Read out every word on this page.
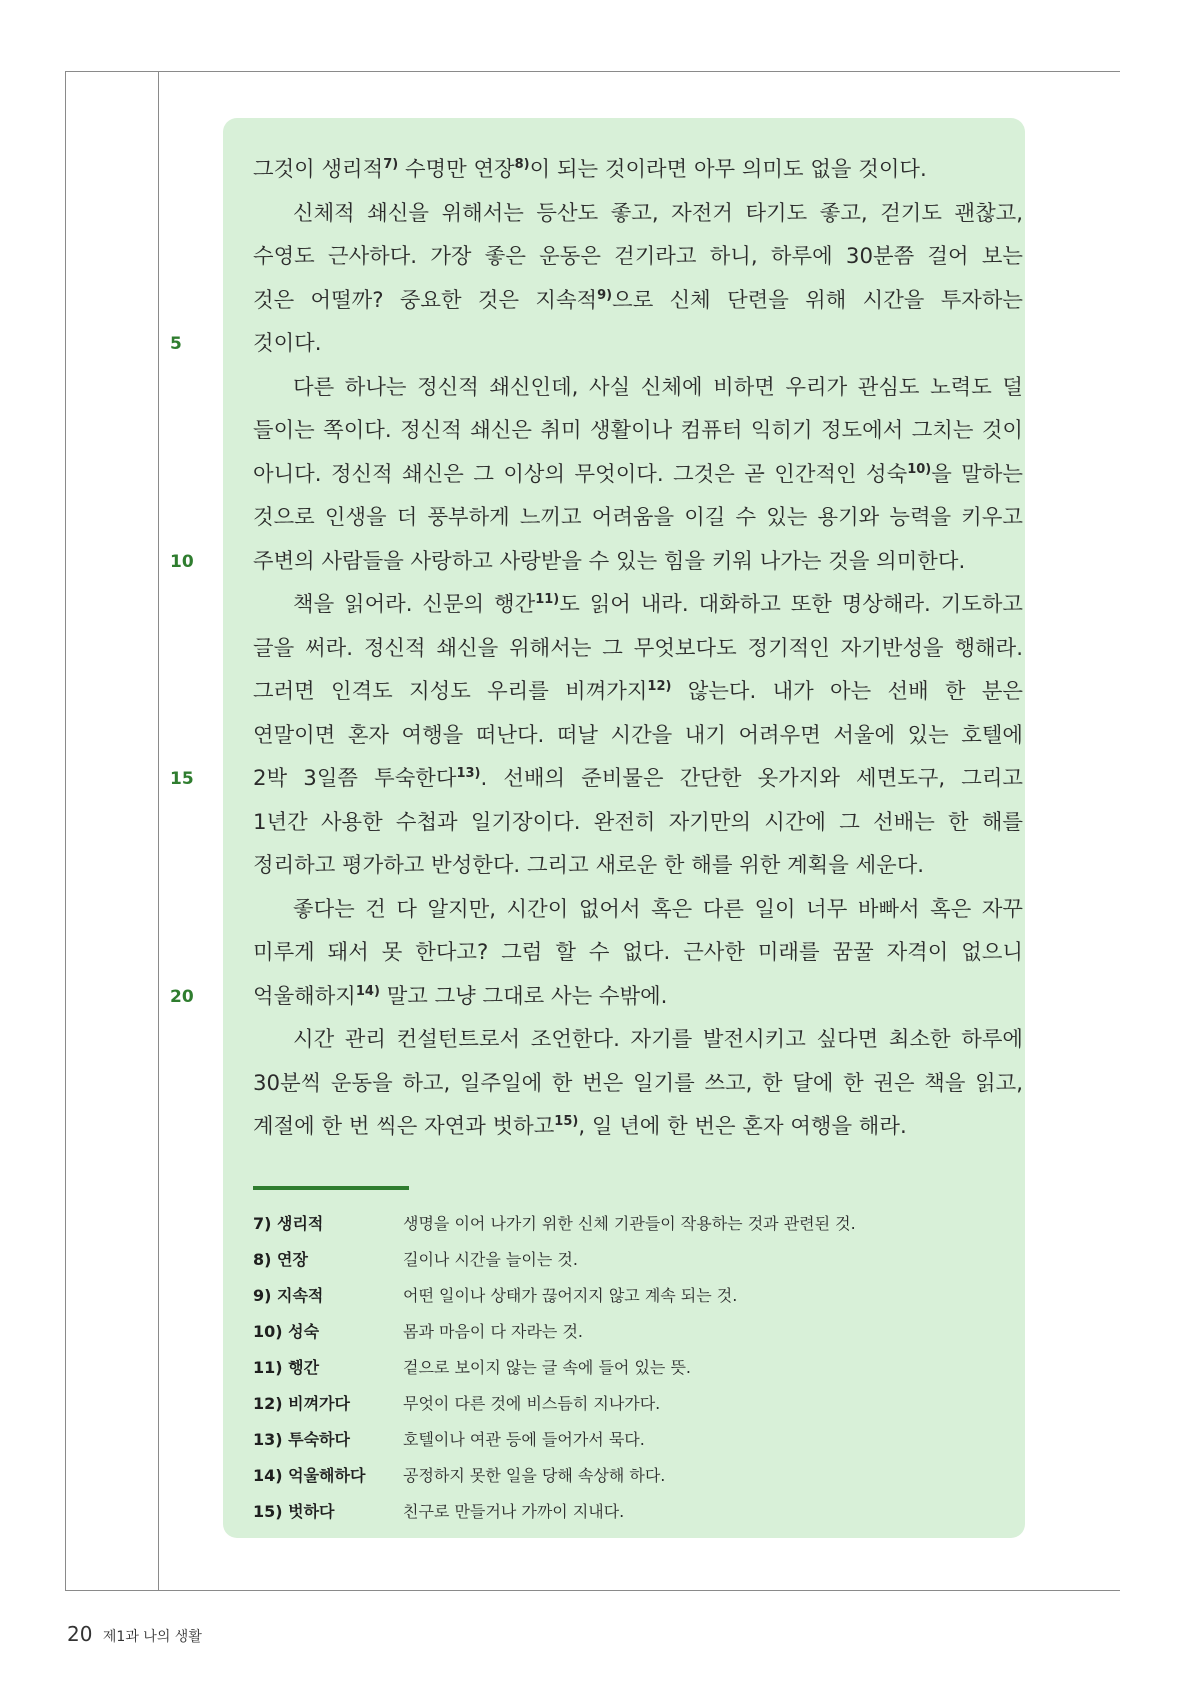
그것이 생리적$^{7)}$ 수명만 연장$^{8)}$이 되는 것이라면 아무 의미도 없을 것이다.
신체적 쇄신을 위해서는 등산도 좋고, 자전거 타기도 좋고, 걷기도 괜찮고,
수영도 근사하다. 가장 좋은 운동은 걷기라고 하니, 하루에 30분쯤 걸어 보는
것은 어떨까? 중요한 것은 지속적$^{9)}$으로 신체 단련을 위해 시간을 투자하는
것이다.
다른 하나는 정신적 쇄신인데, 사실 신체에 비하면 우리가 관심도 노력도 덜
들이는 쪽이다. 정신적 쇄신은 취미 생활이나 컴퓨터 익히기 정도에서 그치는 것이
아니다. 정신적 쇄신은 그 이상의 무엇이다. 그것은 곧 인간적인 성숙$^{10)}$을 말하는
것으로 인생을 더 풍부하게 느끼고 어려움을 이길 수 있는 용기와 능력을 키우고
주변의 사람들을 사랑하고 사랑받을 수 있는 힘을 키워 나가는 것을 의미한다.
책을 읽어라. 신문의 행간$^{11)}$도 읽어 내라. 대화하고 또한 명상해라. 기도하고
글을 써라. 정신적 쇄신을 위해서는 그 무엇보다도 정기적인 자기반성을 행해라.
그러면 인격도 지성도 우리를 비껴가지$^{12)}$ 않는다. 내가 아는 선배 한 분은
연말이면 혼자 여행을 떠난다. 떠날 시간을 내기 어려우면 서울에 있는 호텔에
2박 3일쯤 투숙한다$^{13)}$. 선배의 준비물은 간단한 옷가지와 세면도구, 그리고
1년간 사용한 수첩과 일기장이다. 완전히 자기만의 시간에 그 선배는 한 해를
정리하고 평가하고 반성한다. 그리고 새로운 한 해를 위한 계획을 세운다.
좋다는 건 다 알지만, 시간이 없어서 혹은 다른 일이 너무 바빠서 혹은 자꾸
미루게 돼서 못 한다고? 그럼 할 수 없다. 근사한 미래를 꿈꿀 자격이 없으니
억울해하지$^{14)}$ 말고 그냥 그대로 사는 수밖에.
시간 관리 컨설턴트로서 조언한다. 자기를 발전시키고 싶다면 최소한 하루에
30분씩 운동을 하고, 일주일에 한 번은 일기를 쓰고, 한 달에 한 권은 책을 읽고,
계절에 한 번 씩은 자연과 벗하고$^{15)}$, 일 년에 한 번은 혼자 여행을 해라.
5
10
15
20
7) 생리적	생명을 이어 나가기 위한 신체 기관들이 작용하는 것과 관련된 것.
8) 연장	길이나 시간을 늘이는 것.
9) 지속적	어떤 일이나 상태가 끊어지지 않고 계속 되는 것.
10) 성숙	몸과 마음이 다 자라는 것.
11) 행간	겉으로 보이지 않는 글 속에 들어 있는 뜻.
12) 비껴가다	무엇이 다른 것에 비스듬히 지나가다.
13) 투숙하다	호텔이나 여관 등에 들어가서 묵다.
14) 억울해하다	공정하지 못한 일을 당해 속상해 하다.
15) 벗하다	친구로 만들거나 가까이 지내다.
20 제1과 나의 생활
